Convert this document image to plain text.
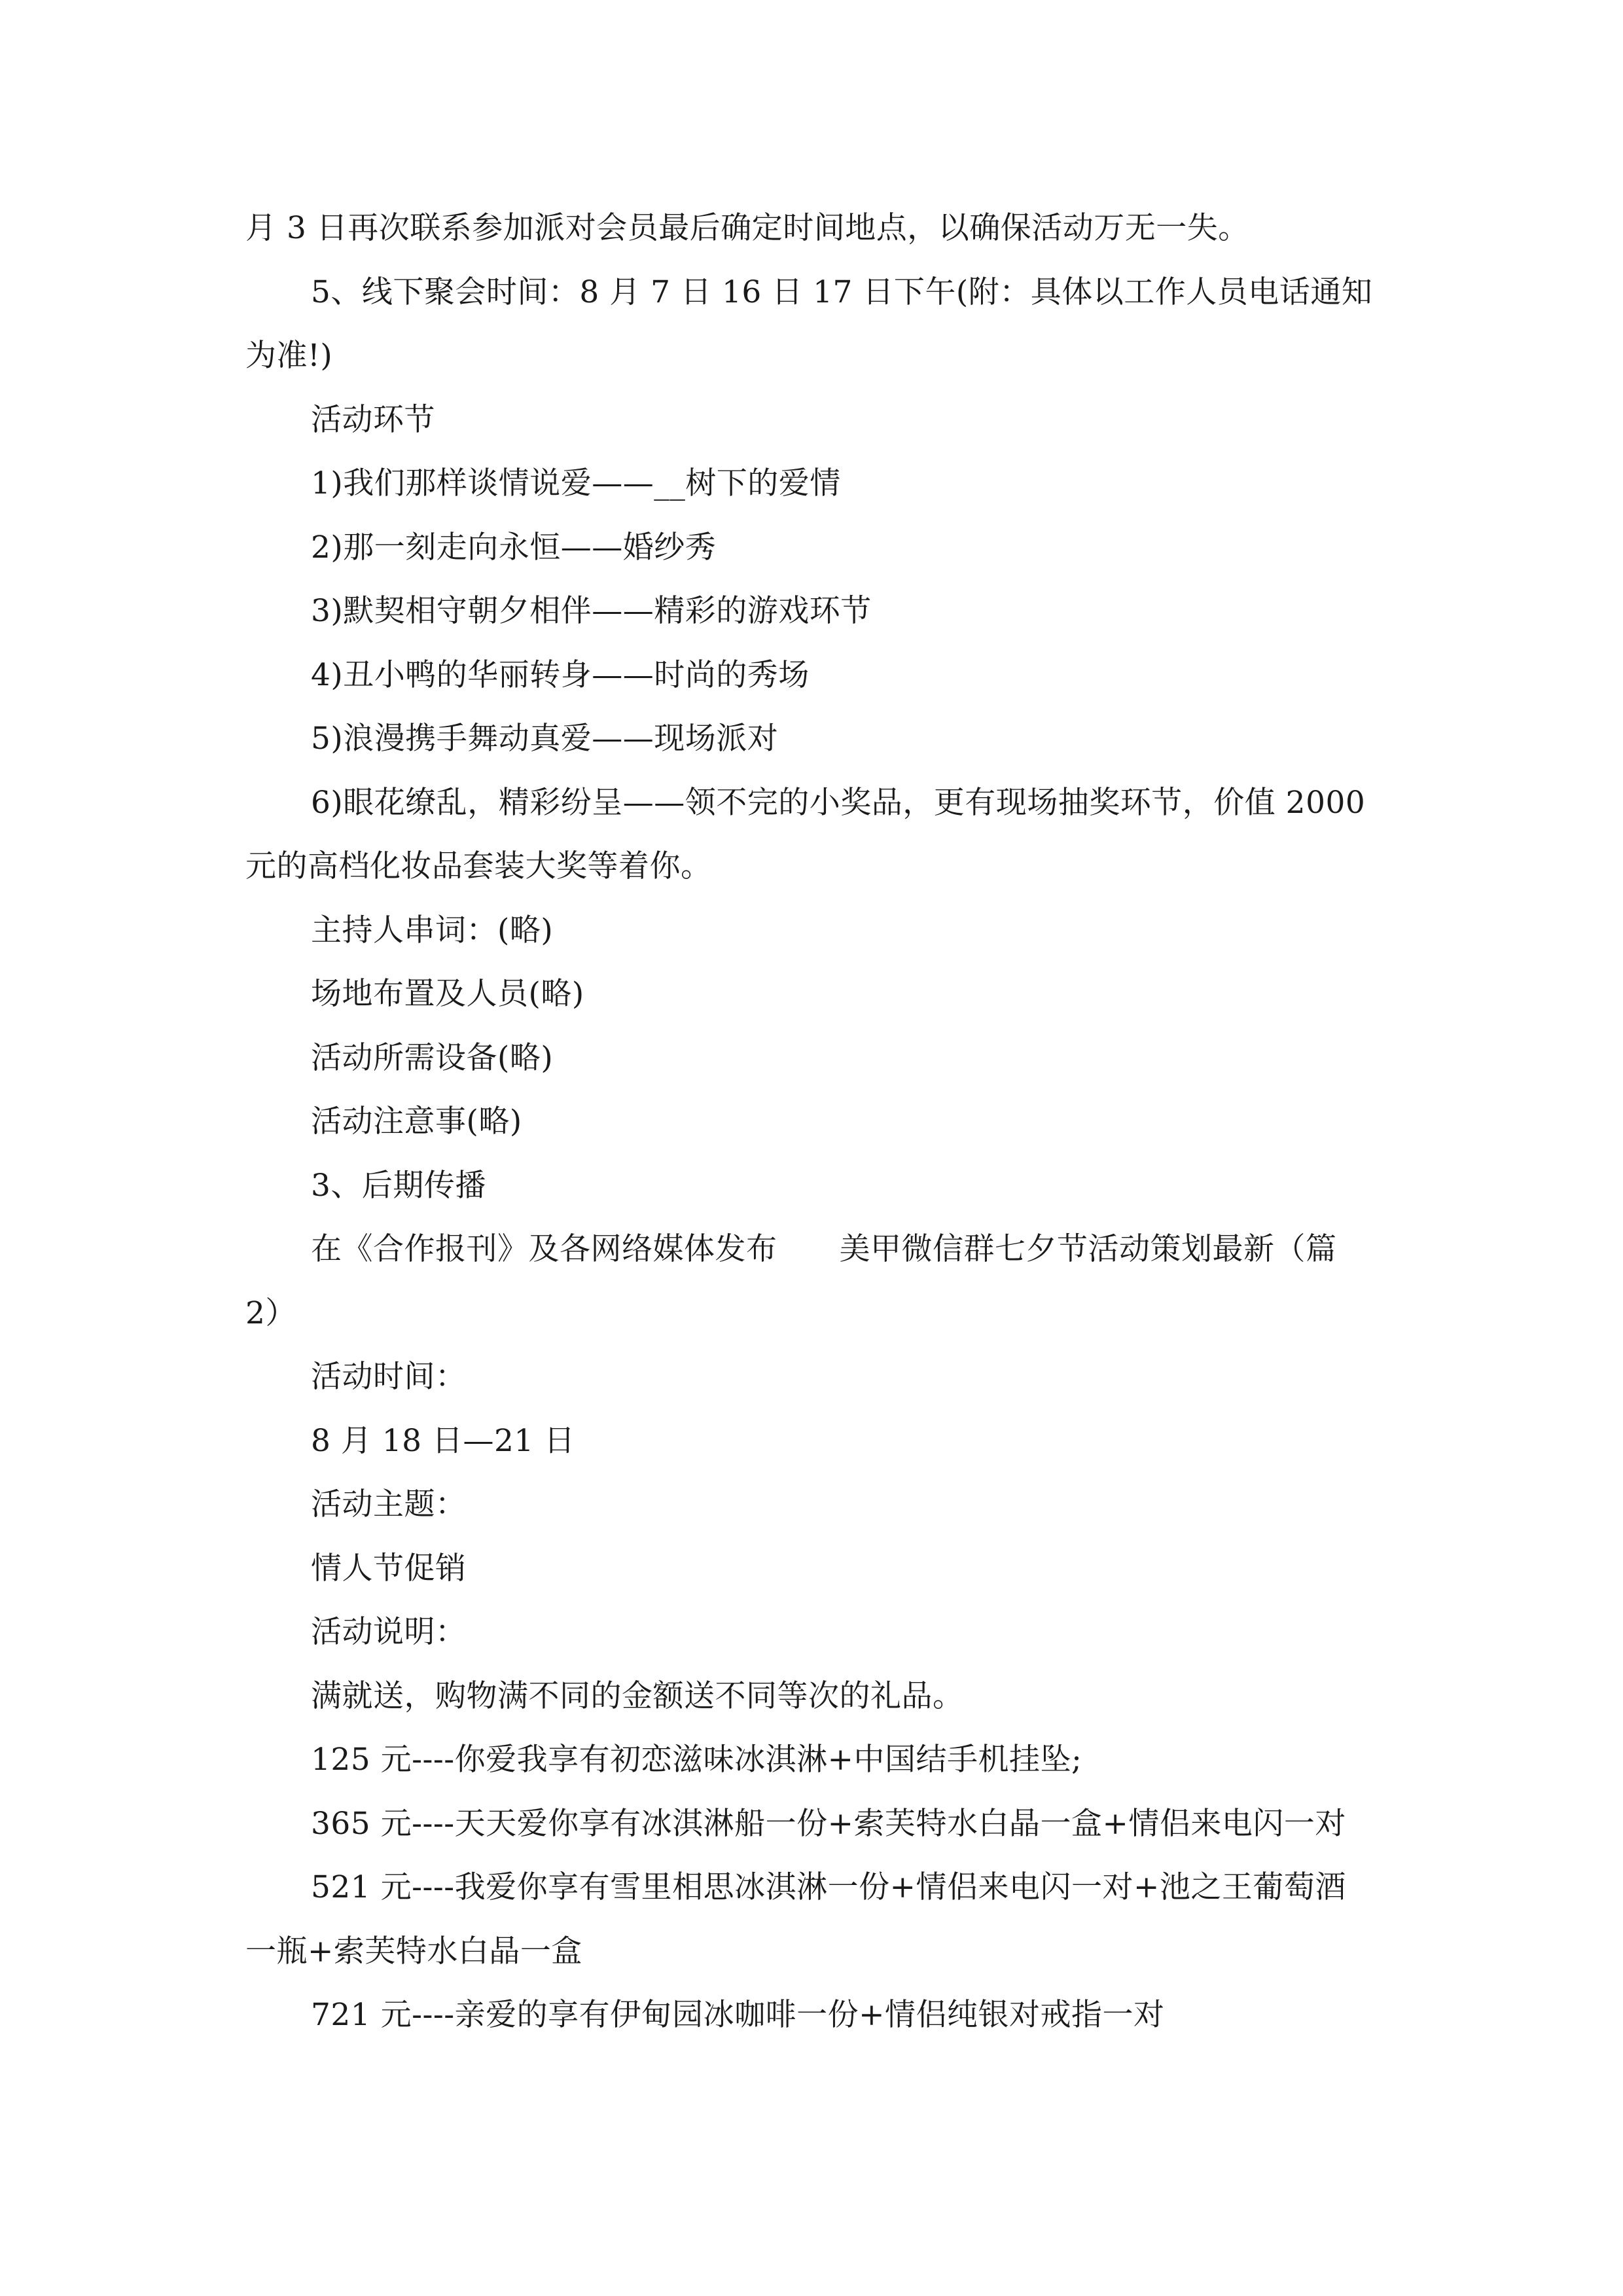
月 3 日再次联系参加派对会员最后确定时间地点，以确保活动万无一失。
5、线下聚会时间：8 月 7 日 16 日 17 日下午(附：具体以工作人员电话通知
为准!)
活动环节
1)我们那样谈情说爱——__树下的爱情
2)那一刻走向永恒——婚纱秀
3)默契相守朝夕相伴——精彩的游戏环节
4)丑小鸭的华丽转身——时尚的秀场
5)浪漫携手舞动真爱——现场派对
6)眼花缭乱，精彩纷呈——领不完的小奖品，更有现场抽奖环节，价值 2000
元的高档化妆品套装大奖等着你。
主持人串词：(略)
场地布置及人员(略)
活动所需设备(略)
活动注意事(略)
3、后期传播
在《合作报刊》及各网络媒体发布　　美甲微信群七夕节活动策划最新（篇
2）
活动时间：
8 月 18 日—21 日
活动主题：
情人节促销
活动说明：
满就送，购物满不同的金额送不同等次的礼品。
125 元----你爱我享有初恋滋味冰淇淋+中国结手机挂坠;
365 元----天天爱你享有冰淇淋船一份+索芙特水白晶一盒+情侣来电闪一对
521 元----我爱你享有雪里相思冰淇淋一份+情侣来电闪一对+池之王葡萄酒
一瓶+索芙特水白晶一盒
721 元----亲爱的享有伊甸园冰咖啡一份+情侣纯银对戒指一对
